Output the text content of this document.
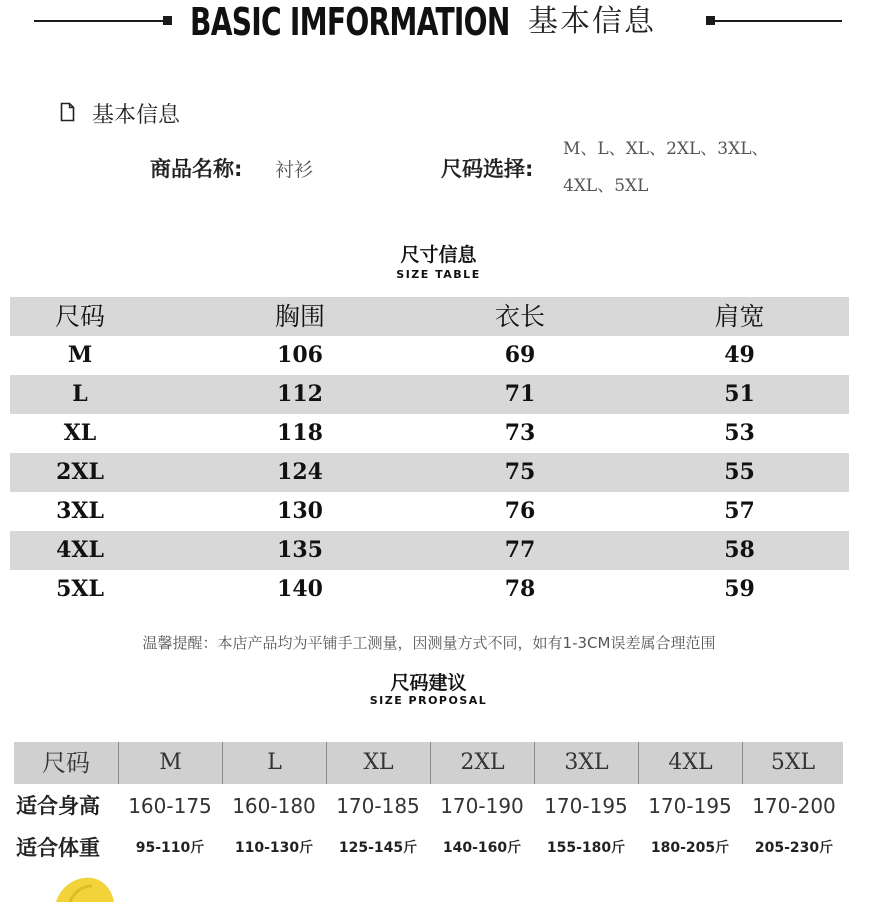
BASIC IMFORMATION 基本信息
基本信息
商品名称: 衬衫	尺码选择:
M、L、XL、2XL、3XL、
4XL、5XL
尺寸信息
SIZE TABLE
尺码	胸围	衣长	肩宽
M	106	69	49
L	112	71	51
XL	118	73	53
2XL	124	75	55
3XL	130	76	57
4XL	135	77	58
5XL	140	78	59
温馨提醒：本店产品均为平铺手工测量，因测量方式不同，如有1-3CM误差属合理范围
尺码建议
SIZE PROPOSAL
尺码	M	L	XL	2XL	3XL	4XL	5XL
适合身高	160-175	160-180	170-185	170-190	170-195	170-195	170-200
适合体重	95-110斤	110-130斤	125-145斤	140-160斤	155-180斤	180-205斤	205-230斤
